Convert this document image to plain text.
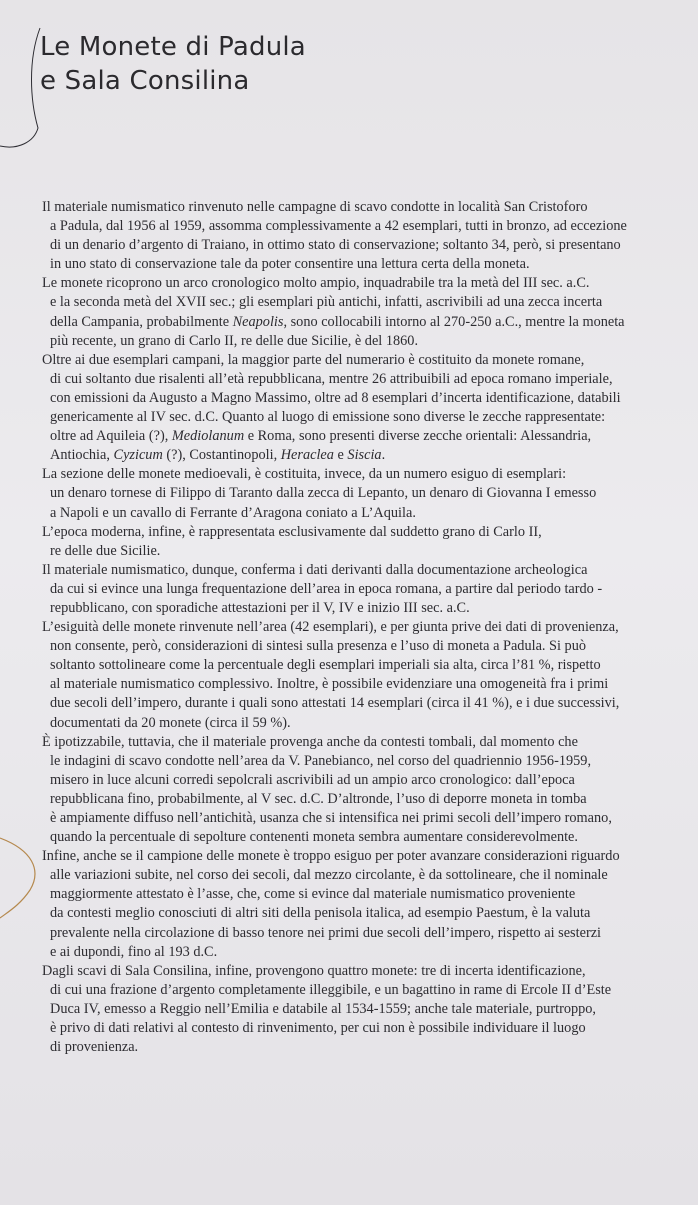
Le Monete di Padula
e Sala Consilina

Il materiale numismatico rinvenuto nelle campagne di scavo condotte in località San Cristoforo
a Padula, dal 1956 al 1959, assomma complessivamente a 42 esemplari, tutti in bronzo, ad eccezione
di un denario d’argento di Traiano, in ottimo stato di conservazione; soltanto 34, però, si presentano
in uno stato di conservazione tale da poter consentire una lettura certa della moneta.

Le monete ricoprono un arco cronologico molto ampio, inquadrabile tra la metà del III sec. a.C.
e la seconda metà del XVII sec.; gli esemplari più antichi, infatti, ascrivibili ad una zecca incerta
della Campania, probabilmente Neapolis, sono collocabili intorno al 270-250 a.C., mentre la moneta
più recente, un grano di Carlo II, re delle due Sicilie, è del 1860.

Oltre ai due esemplari campani, la maggior parte del numerario è costituito da monete romane,
di cui soltanto due risalenti all’età repubblicana, mentre 26 attribuibili ad epoca romano imperiale,
con emissioni da Augusto a Magno Massimo, oltre ad 8 esemplari d’incerta identificazione, databili
genericamente al IV sec. d.C. Quanto al luogo di emissione sono diverse le zecche rappresentate:
oltre ad Aquileia (?), Mediolanum e Roma, sono presenti diverse zecche orientali: Alessandria,
Antiochia, Cyzicum (?), Costantinopoli, Heraclea e Siscia.

La sezione delle monete medioevali, è costituita, invece, da un numero esiguo di esemplari:
un denaro tornese di Filippo di Taranto dalla zecca di Lepanto, un denaro di Giovanna I emesso
a Napoli e un cavallo di Ferrante d’Aragona coniato a L’Aquila.

L’epoca moderna, infine, è rappresentata esclusivamente dal suddetto grano di Carlo II,
re delle due Sicilie.

Il materiale numismatico, dunque, conferma i dati derivanti dalla documentazione archeologica
da cui si evince una lunga frequentazione dell’area in epoca romana, a partire dal periodo tardo -
repubblicano, con sporadiche attestazioni per il V, IV e inizio III sec. a.C.

L’esiguità delle monete rinvenute nell’area (42 esemplari), e per giunta prive dei dati di provenienza,
non consente, però, considerazioni di sintesi sulla presenza e l’uso di moneta a Padula. Si può
soltanto sottolineare come la percentuale degli esemplari imperiali sia alta, circa l’81 %, rispetto
al materiale numismatico complessivo. Inoltre, è possibile evidenziare una omogeneità fra i primi
due secoli dell’impero, durante i quali sono attestati 14 esemplari (circa il 41 %), e i due successivi,
documentati da 20 monete (circa il 59 %).

È ipotizzabile, tuttavia, che il materiale provenga anche da contesti tombali, dal momento che
le indagini di scavo condotte nell’area da V. Panebianco, nel corso del quadriennio 1956-1959,
misero in luce alcuni corredi sepolcrali ascrivibili ad un ampio arco cronologico: dall’epoca
repubblicana fino, probabilmente, al V sec. d.C. D’altronde, l’uso di deporre moneta in tomba
è ampiamente diffuso nell’antichità, usanza che si intensifica nei primi secoli dell’impero romano,
quando la percentuale di sepolture contenenti moneta sembra aumentare considerevolmente.

Infine, anche se il campione delle monete è troppo esiguo per poter avanzare considerazioni riguardo
alle variazioni subite, nel corso dei secoli, dal mezzo circolante, è da sottolineare, che il nominale
maggiormente attestato è l’asse, che, come si evince dal materiale numismatico proveniente
da contesti meglio conosciuti di altri siti della penisola italica, ad esempio Paestum, è la valuta
prevalente nella circolazione di basso tenore nei primi due secoli dell’impero, rispetto ai sesterzi
e ai dupondi, fino al 193 d.C.

Dagli scavi di Sala Consilina, infine, provengono quattro monete: tre di incerta identificazione,
di cui una frazione d’argento completamente illeggibile, e un bagattino in rame di Ercole II d’Este
Duca IV, emesso a Reggio nell’Emilia e databile al 1534-1559; anche tale materiale, purtroppo,
è privo di dati relativi al contesto di rinvenimento, per cui non è possibile individuare il luogo
di provenienza.
